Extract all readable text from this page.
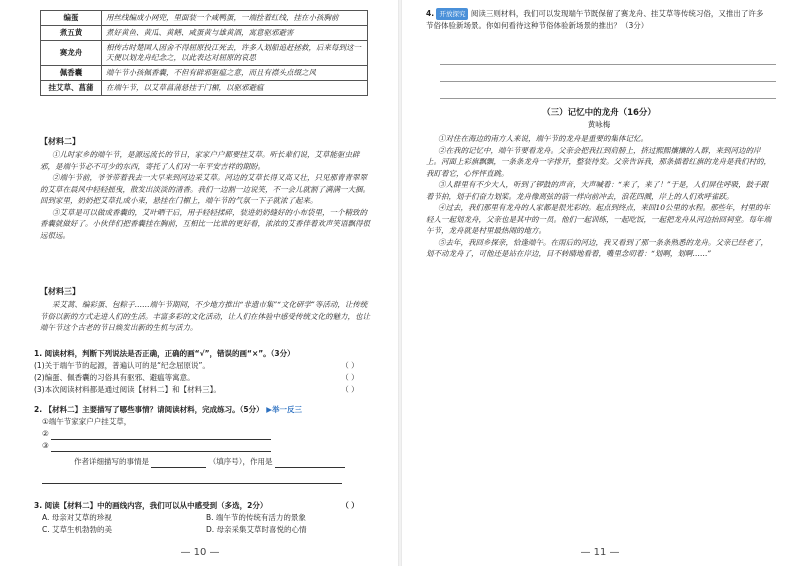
编蛋	用丝线编成小网兜，里面装一个咸鸭蛋，一端拴着红线，挂在小孩胸前
煮五黄	煮好黄鱼、黄瓜、黄鳝、咸蛋黄与雄黄酒，寓意驱邪避害
赛龙舟	相传古时楚国人因舍不得屈原投江死去，许多人划船追赶拯救，后来每到这一天便以划龙舟纪念之，以此表达对屈原的哀思
佩香囊	端午节小孩佩香囊，不但有辟邪驱瘟之意，而且有襟头点缀之风
挂艾草、菖蒲	在端午节，以艾草菖蒲悬挂于门楣，以驱邪避瘟

【材料二】

①儿时家乡的端午节，是源远流长的节日，家家户户都要挂艾草。听长辈们说，艾草能驱虫辟邪，是端午节必不可少的东西，寄托了人们对一年平安吉祥的期盼。

②端午节前，爷爷带着我去一大早来到河边采艾草。河边的艾草长得又高又壮，只见那青青翠翠的艾草在晨风中轻轻摇曳，散发出淡淡的清香。我们一边割一边说笑，不一会儿就割了满满一大捆。回到家里，奶奶把艾草扎成小束，悬挂在门楣上，端午节的气氛一下子就浓了起来。

③艾草是可以做成香囊的，艾叶晒干后，用手轻轻揉碎，装进奶奶缝好的小布袋里，一个精致的香囊就做好了。小伙伴们把香囊挂在胸前，互相比一比谁的更好看，浓浓的艾香伴着欢声笑语飘得很远很远。

【材料三】

采艾蒿、编彩蛋、包粽子……端午节期间，不少地方推出“非遗市集”“文化研学”等活动，让传统节俗以新的方式走进人们的生活。丰富多彩的文化活动，让人们在体验中感受传统文化的魅力，也让端午节这个古老的节日焕发出新的生机与活力。

1. 阅读材料，判断下列说法是否正确，正确的画“√”，错误的画“×”。（3分）

(1)关于端午节的起源，普遍认可的是“纪念屈原说”。	（ ）

(2)编蛋、佩香囊的习俗具有驱邪、避瘟等寓意。	（ ）

(3)本次阅读材料都是通过阅读【材料二】和【材料三】。	（ ）

2. 【材料二】主要描写了哪些事情？请阅读材料，完成练习。（5分） ▶举一反三

①端午节家家户户挂艾草，

②

③

作者详细描写的事情是	（填序号），作用是

3. 阅读【材料二】中的画线内容，我们可以从中感受到（多选，2分）	（ ）

A. 母亲对艾草的珍视	B. 端午节的传统有活力的景象
C. 艾草生机勃勃的美	D. 母亲采集艾草时喜悦的心情
— 10 —

4. 开放探究 阅读三则材料，我们可以发现端午节既保留了赛龙舟、挂艾草等传统习俗，又推出了许多节俗体验新场景。你如何看待这种节俗体验新场景的推出？（3分）

（三）记忆中的龙舟（16分）

黄咏梅

①对住在海边的南方人来说，端午节的龙舟是重要的集体记忆。

②在我的记忆中，端午节要看龙舟。父亲会把我扛到肩膀上，挤过熙熙攘攘的人群，来到河边的岸上。河面上彩旗飘飘，一条条龙舟一字排开，整装待发。父亲告诉我，那条插着红旗的龙舟是我们村的，我盯着它，心怦怦直跳。

③人群里有不少大人，听到了锣鼓的声音，大声喊着：“来了，来了！”于是，人们屏住呼吸，鼓手跟着节拍，划手们奋力划桨。龙舟像离弦的箭一样向前冲去，浪花四溅，岸上的人们欢呼雀跃。

④过去，我们那里有龙舟的人家都是很光彩的。起点到终点，来回10公里的水程。那些年，村里的年轻人一起划龙舟，父亲也是其中的一员。他们一起训练，一起吃饭，一起把龙舟从河边抬回祠堂。每年端午节，龙舟就是村里最热闹的地方。

⑤去年，我回乡探亲，恰逢端午。在雨后的河边，我又看到了那一条条熟悉的龙舟。父亲已经老了，划不动龙舟了，可他还是站在岸边，目不转睛地看着，嘴里念叨着：“划啊，划啊……”

— 11 —
